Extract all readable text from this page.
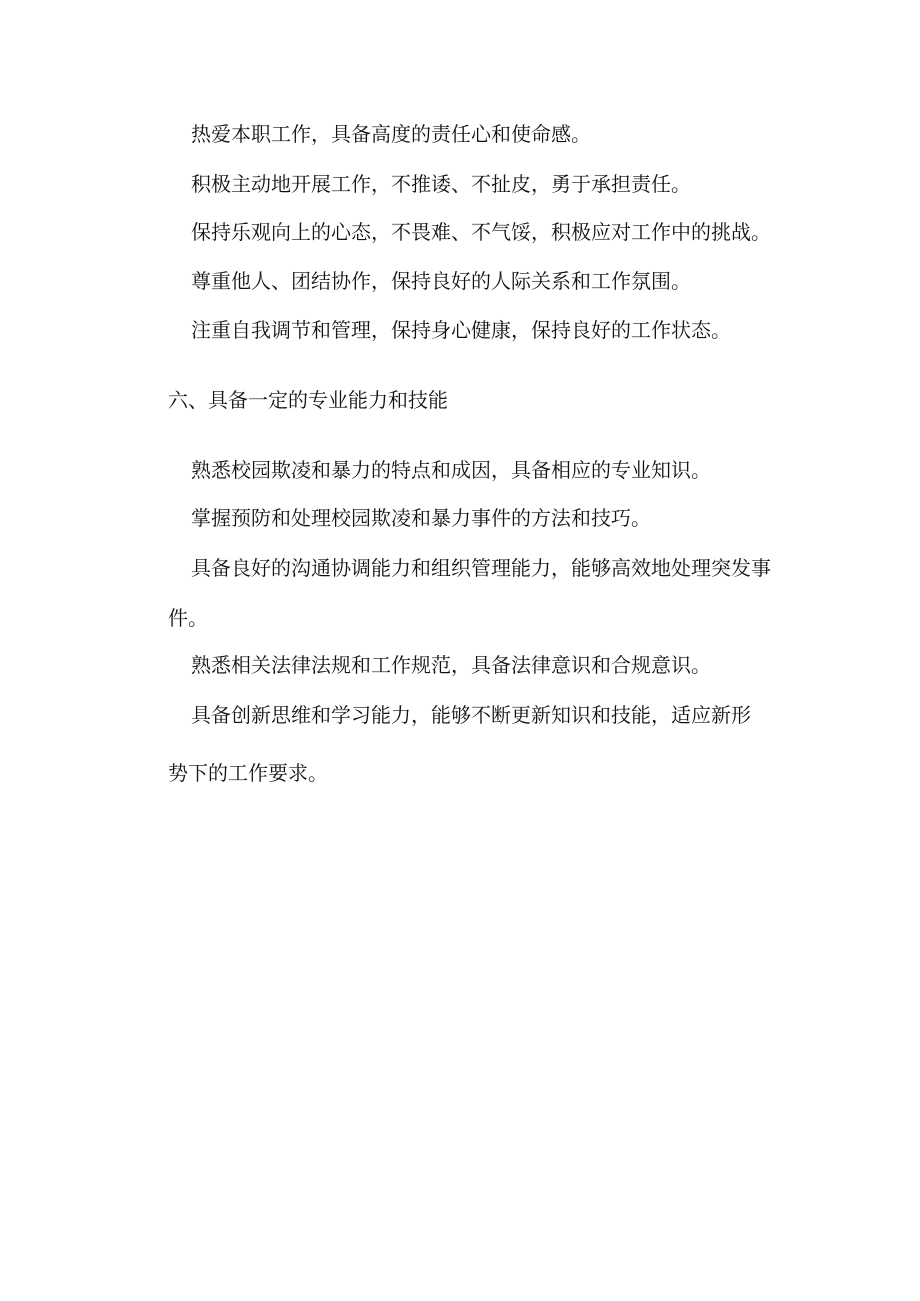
热爱本职工作，具备高度的责任心和使命感。
积极主动地开展工作，不推诿、不扯皮，勇于承担责任。
保持乐观向上的心态，不畏难、不气馁，积极应对工作中的挑战。
尊重他人、团结协作，保持良好的人际关系和工作氛围。
注重自我调节和管理，保持身心健康，保持良好的工作状态。
六、具备一定的专业能力和技能
熟悉校园欺凌和暴力的特点和成因，具备相应的专业知识。
掌握预防和处理校园欺凌和暴力事件的方法和技巧。
具备良好的沟通协调能力和组织管理能力，能够高效地处理突发事
件。
熟悉相关法律法规和工作规范，具备法律意识和合规意识。
具备创新思维和学习能力，能够不断更新知识和技能，适应新形
势下的工作要求。
